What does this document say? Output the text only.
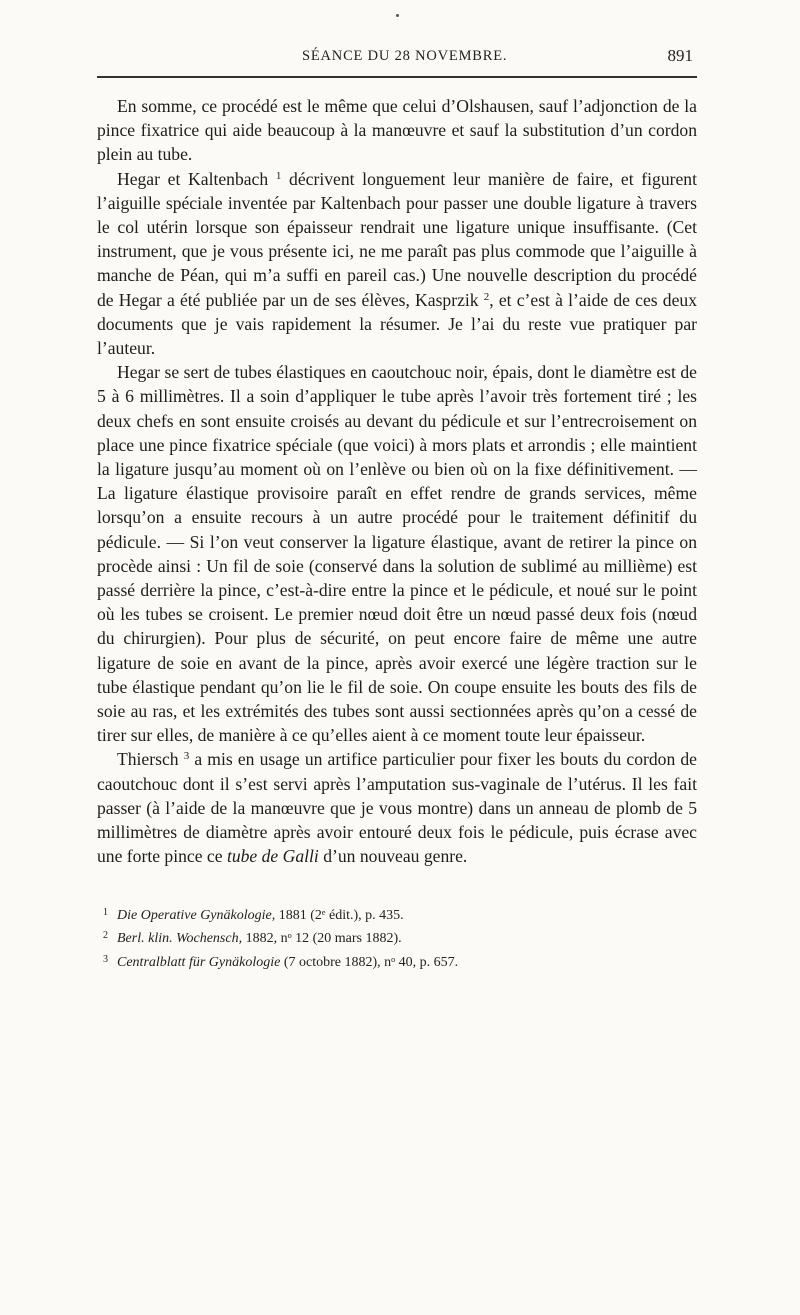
SÉANCE DU 28 NOVEMBRE.	891

En somme, ce procédé est le même que celui d’Olshausen, sauf l’adjonction de la pince fixatrice qui aide beaucoup à la manœuvre et sauf la substitution d’un cordon plein au tube.

Hegar et Kaltenbach $^1$ décrivent longuement leur manière de faire, et figurent l’aiguille spéciale inventée par Kaltenbach pour passer une double ligature à travers le col utérin lorsque son épaisseur rendrait une ligature unique insuffisante. (Cet instrument, que je vous présente ici, ne me paraît pas plus commode que l’aiguille à manche de Péan, qui m’a suffi en pareil cas.) Une nouvelle description du procédé de Hegar a été publiée par un de ses élèves, Kasprzik $^2$, et c’est à l’aide de ces deux documents que je vais rapidement la résumer. Je l’ai du reste vue pratiquer par l’auteur.

Hegar se sert de tubes élastiques en caoutchouc noir, épais, dont le diamètre est de 5 à 6 millimètres. Il a soin d’appliquer le tube après l’avoir très fortement tiré ; les deux chefs en sont ensuite croisés au devant du pédicule et sur l’entrecroisement on place une pince fixatrice spéciale (que voici) à mors plats et arrondis ; elle maintient la ligature jusqu’au moment où on l’enlève ou bien où on la fixe définitivement. — La ligature élastique provisoire paraît en effet rendre de grands services, même lorsqu’on a ensuite recours à un autre procédé pour le traitement définitif du pédicule. — Si l’on veut conserver la ligature élastique, avant de retirer la pince on procède ainsi : Un fil de soie (conservé dans la solution de sublimé au millième) est passé derrière la pince, c’est-à-dire entre la pince et le pédicule, et noué sur le point où les tubes se croisent. Le premier nœud doit être un nœud passé deux fois (nœud du chirurgien). Pour plus de sécurité, on peut encore faire de même une autre ligature de soie en avant de la pince, après avoir exercé une légère traction sur le tube élastique pendant qu’on lie le fil de soie. On coupe ensuite les bouts des fils de soie au ras, et les extrémités des tubes sont aussi sectionnées après qu’on a cessé de tirer sur elles, de manière à ce qu’elles aient à ce moment toute leur épaisseur.

Thiersch $^3$ a mis en usage un artifice particulier pour fixer les bouts du cordon de caoutchouc dont il s’est servi après l’amputation sus-vaginale de l’utérus. Il les fait passer (à l’aide de la manœuvre que je vous montre) dans un anneau de plomb de 5 millimètres de diamètre après avoir entouré deux fois le pédicule, puis écrase avec une forte pince ce tube de Galli d’un nouveau genre.

1 Die Operative Gynäkologie, 1881 (2ᵉ édit.), p. 435.
2 Berl. klin. Wochensch, 1882, nᵒ 12 (20 mars 1882).
3 Centralblatt für Gynäkologie (7 octobre 1882), nᵒ 40, p. 657.
